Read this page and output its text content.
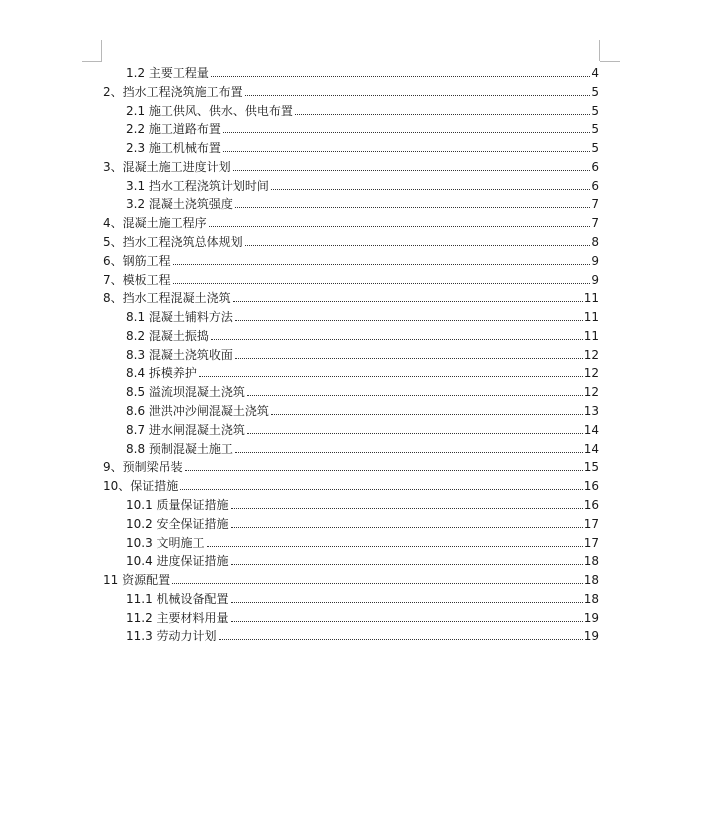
1.2 主要工程量	4
2、挡水工程浇筑施工布置	5
2.1 施工供风、供水、供电布置	5
2.2 施工道路布置	5
2.3 施工机械布置	5
3、混凝土施工进度计划	6
3.1 挡水工程浇筑计划时间	6
3.2 混凝土浇筑强度	7
4、混凝土施工程序	7
5、挡水工程浇筑总体规划	8
6、钢筋工程	9
7、模板工程	9
8、挡水工程混凝土浇筑	11
8.1 混凝土铺料方法	11
8.2 混凝土振捣	11
8.3 混凝土浇筑收面	12
8.4 拆模养护	12
8.5 溢流坝混凝土浇筑	12
8.6 泄洪冲沙闸混凝土浇筑	13
8.7 进水闸混凝土浇筑	14
8.8 预制混凝土施工	14
9、预制梁吊装	15
10、保证措施	16
10.1 质量保证措施	16
10.2 安全保证措施	17
10.3 文明施工	17
10.4 进度保证措施	18
11 资源配置	18
11.1 机械设备配置	18
11.2 主要材料用量	19
11.3 劳动力计划	19
